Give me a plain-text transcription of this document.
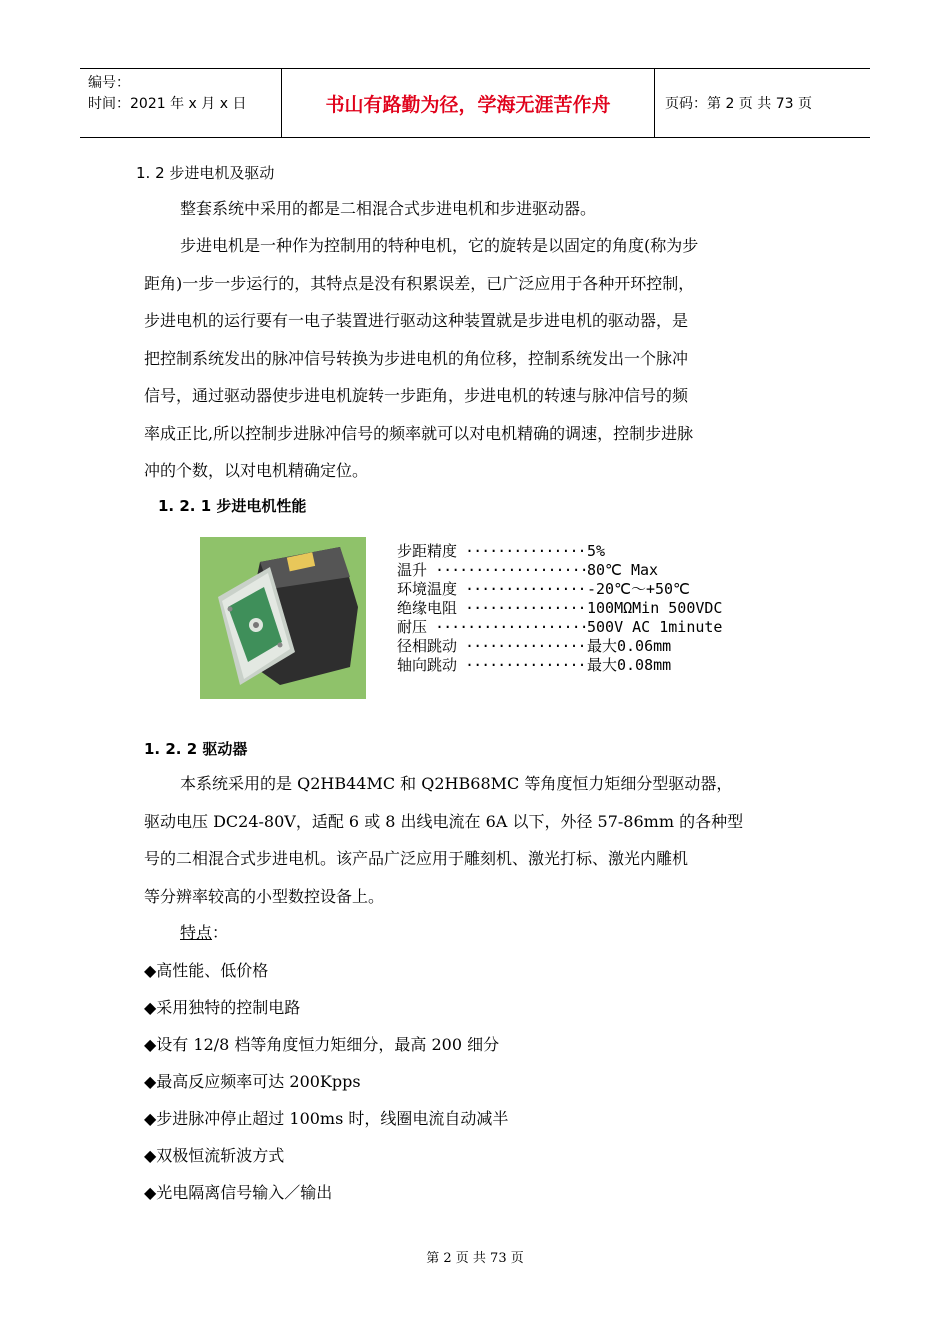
编号：
时间：2021 年 x 月 x 日	书山有路勤为径，学海无涯苦作舟	页码：第 2 页 共 73 页
1. 2 步进电机及驱动
整套系统中采用的都是二相混合式步进电机和步进驱动器。
步进电机是一种作为控制用的特种电机，它的旋转是以固定的角度(称为步
距角)一步一步运行的，其特点是没有积累误差，已广泛应用于各种开环控制，
步进电机的运行要有一电子装置进行驱动这种装置就是步进电机的驱动器，是
把控制系统发出的脉冲信号转换为步进电机的角位移，控制系统发出一个脉冲
信号，通过驱动器使步进电机旋转一步距角，步进电机的转速与脉冲信号的频
率成正比,所以控制步进脉冲信号的频率就可以对电机精确的调速，控制步进脉
冲的个数，以对电机精确定位。
1. 2. 1 步进电机性能
步距精度 ·····	5%
温升 ·····	80℃ Max
环境温度 ·····	-20℃～+50℃
绝缘电阻 ·····	100MΩMin 500VDC
耐压 ·····	500V AC 1minute
径相跳动 ·····	最大0.06mm
轴向跳动 ·····	最大0.08mm
1. 2. 2 驱动器
本系统采用的是 Q2HB44MC 和 Q2HB68MC 等角度恒力矩细分型驱动器，
驱动电压 DC24-80V，适配 6 或 8 出线电流在 6A 以下，外径 57-86mm 的各种型
号的二相混合式步进电机。该产品广泛应用于雕刻机、激光打标、激光内雕机
等分辨率较高的小型数控设备上。
特点：
◆高性能、低价格
◆采用独特的控制电路
◆设有 12/8 档等角度恒力矩细分，最高 200 细分
◆最高反应频率可达 200Kpps
◆步进脉冲停止超过 100ms 时，线圈电流自动减半
◆双极恒流斩波方式
◆光电隔离信号输入／输出
第 2 页 共 73 页
